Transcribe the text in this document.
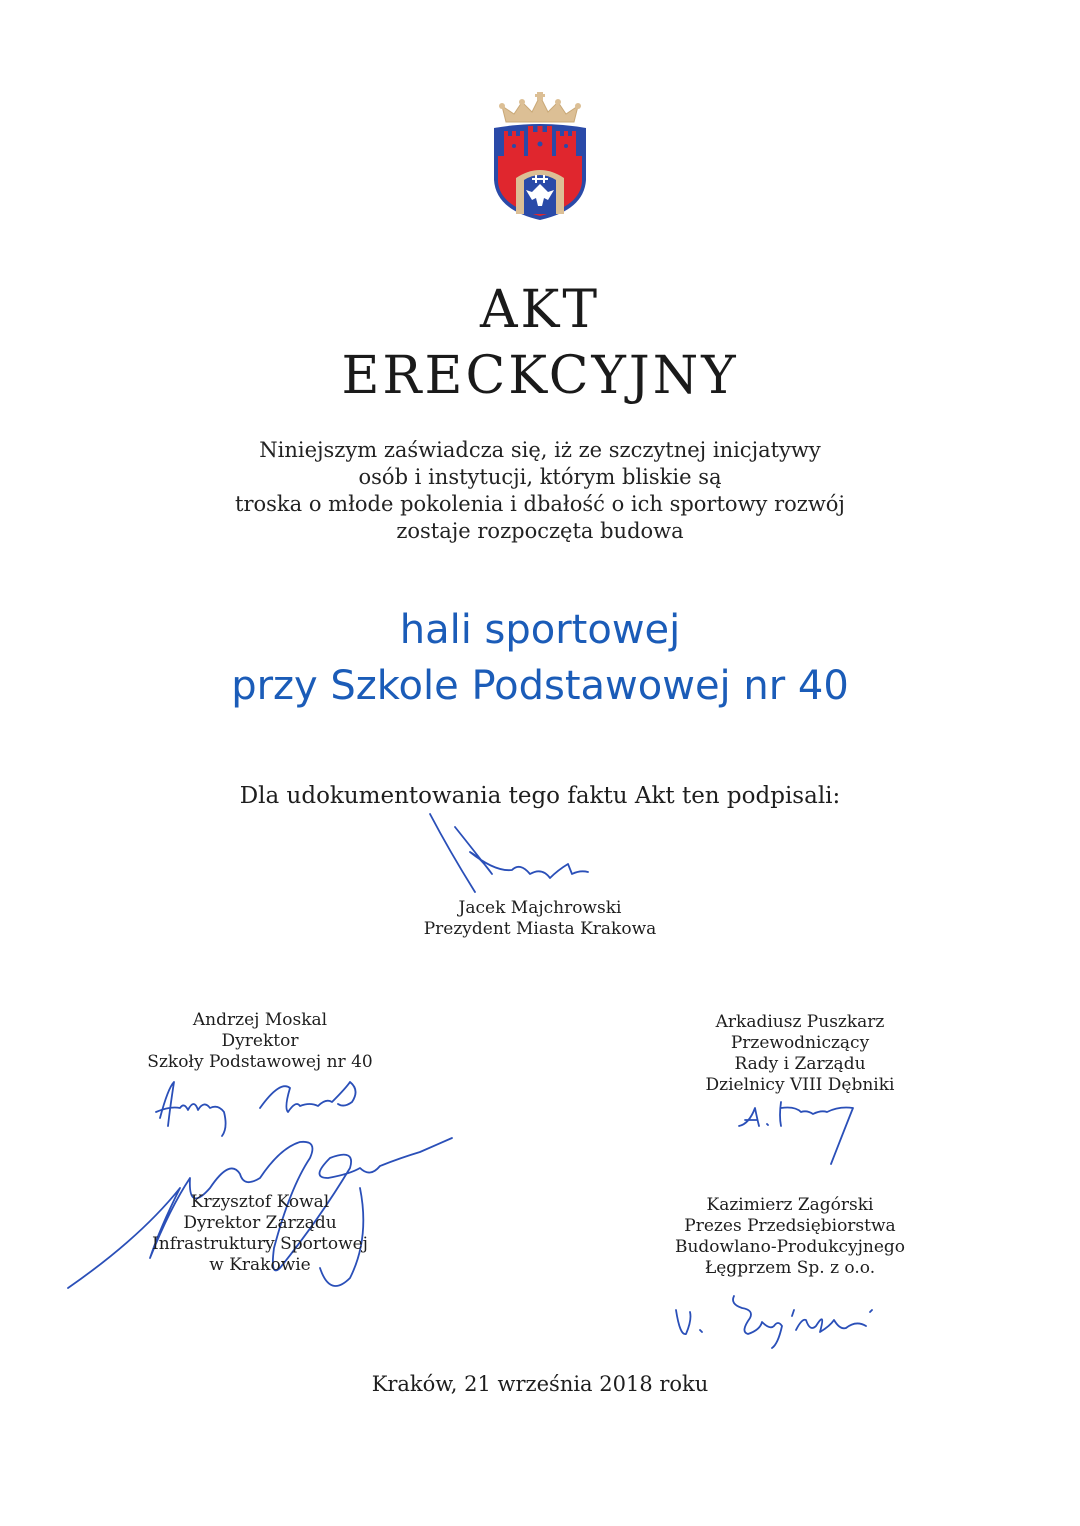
AKT
ERECKCYJNY
Niniejszym zaświadcza się, iż ze szczytnej inicjatywy
osób i instytucji, którym bliskie są
troska o młode pokolenia i dbałość o ich sportowy rozwój
zostaje rozpoczęta budowa
hali sportowej
przy Szkole Podstawowej nr 40
Dla udokumentowania tego faktu Akt ten podpisali:
Jacek Majchrowski
Prezydent Miasta Krakowa
Andrzej Moskal
Dyrektor
Szkoły Podstawowej nr 40
Krzysztof Kowal
Dyrektor Zarządu
Infrastruktury Sportowej
w Krakowie
Arkadiusz Puszkarz
Przewodniczący
Rady i Zarządu
Dzielnicy VIII Dębniki
Kazimierz Zagórski
Prezes Przedsiębiorstwa
Budowlano-Produkcyjnego
Łęgprzem Sp. z o.o.
Kraków, 21 września 2018 roku
